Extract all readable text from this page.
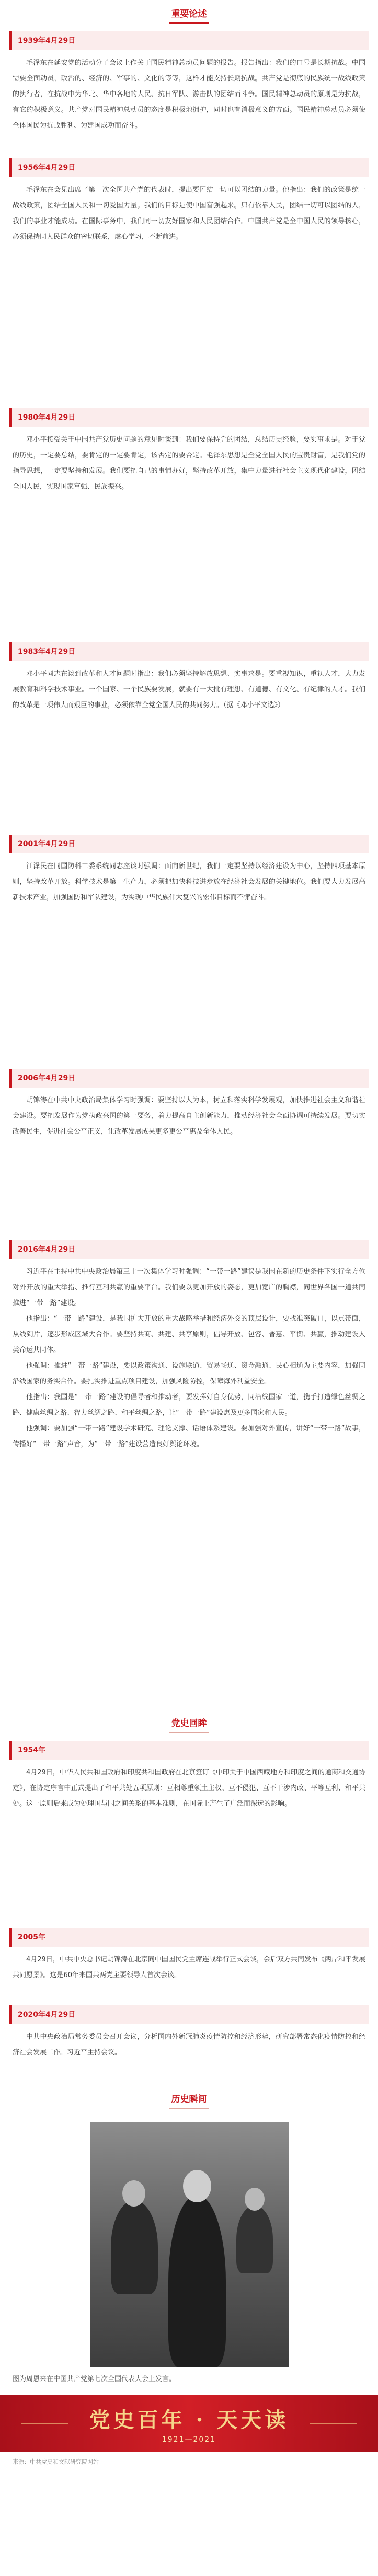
重要论述
1939年4月29日

毛泽东在延安党的活动分子会议上作关于国民精神总动员问题的报告。报告指出：我们的口号是长期抗战。中国需要全面动员，政治的、经济的、军事的、文化的等等，这样才能支持长期抗战。共产党是彻底的民族统一战线政策的执行者，在抗战中为华北、华中各地的人民、抗日军队、游击队的团结而斗争。国民精神总动员的原则是为抗战，有它的积极意义。共产党对国民精神总动员的态度是积极地拥护，同时也有消极意义的方面。国民精神总动员必须使全体国民为抗战胜利、为建国成功而奋斗。

1956年4月29日

毛泽东在会见出席了第一次全国共产党的代表时，提出要团结一切可以团结的力量。他指出：我们的政策是统一战线政策，团结全国人民和一切爱国力量。我们的目标是使中国富强起来。只有依靠人民，团结一切可以团结的人，我们的事业才能成功。在国际事务中，我们同一切友好国家和人民团结合作。中国共产党是全中国人民的领导核心，必须保持同人民群众的密切联系，虚心学习，不断前进。

1980年4月29日

邓小平接受关于中国共产党历史问题的意见时谈到：我们要保持党的团结，总结历史经验，要实事求是。对于党的历史，一定要总结，要肯定的一定要肯定，该否定的要否定。毛泽东思想是全党全国人民的宝贵财富，是我们党的指导思想，一定要坚持和发展。我们要把自己的事情办好，坚持改革开放，集中力量进行社会主义现代化建设，团结全国人民，实现国家富强、民族振兴。

1983年4月29日

邓小平同志在谈到改革和人才问题时指出：我们必须坚持解放思想、实事求是。要重视知识，重视人才，大力发展教育和科学技术事业。一个国家、一个民族要发展，就要有一大批有理想、有道德、有文化、有纪律的人才。我们的改革是一项伟大而艰巨的事业，必须依靠全党全国人民的共同努力。（据《邓小平文选》）

2001年4月29日

江泽民在同国防科工委系统同志座谈时强调：面向新世纪，我们一定要坚持以经济建设为中心，坚持四项基本原则，坚持改革开放。科学技术是第一生产力，必须把加快科技进步放在经济社会发展的关键地位。我们要大力发展高新技术产业，加强国防和军队建设，为实现中华民族伟大复兴的宏伟目标而不懈奋斗。

2006年4月29日

胡锦涛在中共中央政治局集体学习时强调：要坚持以人为本，树立和落实科学发展观，加快推进社会主义和谐社会建设。要把发展作为党执政兴国的第一要务，着力提高自主创新能力，推动经济社会全面协调可持续发展。要切实改善民生，促进社会公平正义，让改革发展成果更多更公平惠及全体人民。

2016年4月29日

习近平在主持中共中央政治局第三十一次集体学习时强调：“一带一路”建议是我国在新的历史条件下实行全方位对外开放的重大举措、推行互利共赢的重要平台。我们要以更加开放的姿态，更加宽广的胸襟，同世界各国一道共同推进“一带一路”建设。

他指出：“一带一路”建设，是我国扩大开放的重大战略举措和经济外交的顶层设计，要找准突破口，以点带面，从线到片，逐步形成区域大合作。要坚持共商、共建、共享原则，倡导开放、包容、普惠、平衡、共赢，推动建设人类命运共同体。

他强调：推进“一带一路”建设，要以政策沟通、设施联通、贸易畅通、资金融通、民心相通为主要内容，加强同沿线国家的务实合作。要扎实推进重点项目建设，加强风险防控，保障海外利益安全。

他指出：我国是“一带一路”建设的倡导者和推动者，要发挥好自身优势，同沿线国家一道，携手打造绿色丝绸之路、健康丝绸之路、智力丝绸之路、和平丝绸之路，让“一带一路”建设惠及更多国家和人民。

他强调：要加强“一带一路”建设学术研究、理论支撑、话语体系建设。要加强对外宣传，讲好“一带一路”故事，传播好“一带一路”声音，为“一带一路”建设营造良好舆论环境。

党史回眸
1954年

4月29日，中华人民共和国政府和印度共和国政府在北京签订《中印关于中国西藏地方和印度之间的通商和交通协定》，在协定序言中正式提出了和平共处五项原则：互相尊重领土主权、互不侵犯、互不干涉内政、平等互利、和平共处。这一原则后来成为处理国与国之间关系的基本准则，在国际上产生了广泛而深远的影响。

2005年

4月29日，中共中央总书记胡锦涛在北京同中国国民党主席连战举行正式会谈，会后双方共同发布《两岸和平发展共同愿景》。这是60年来国共两党主要领导人首次会谈。

2020年4月29日

中共中央政治局常务委员会召开会议，分析国内外新冠肺炎疫情防控和经济形势，研究部署常态化疫情防控和经济社会发展工作。习近平主持会议。

历史瞬间
图为周恩来在中国共产党第七次全国代表大会上发言。
党史百年 · 天天读
1921—2021
来源：中共党史和文献研究院网站
